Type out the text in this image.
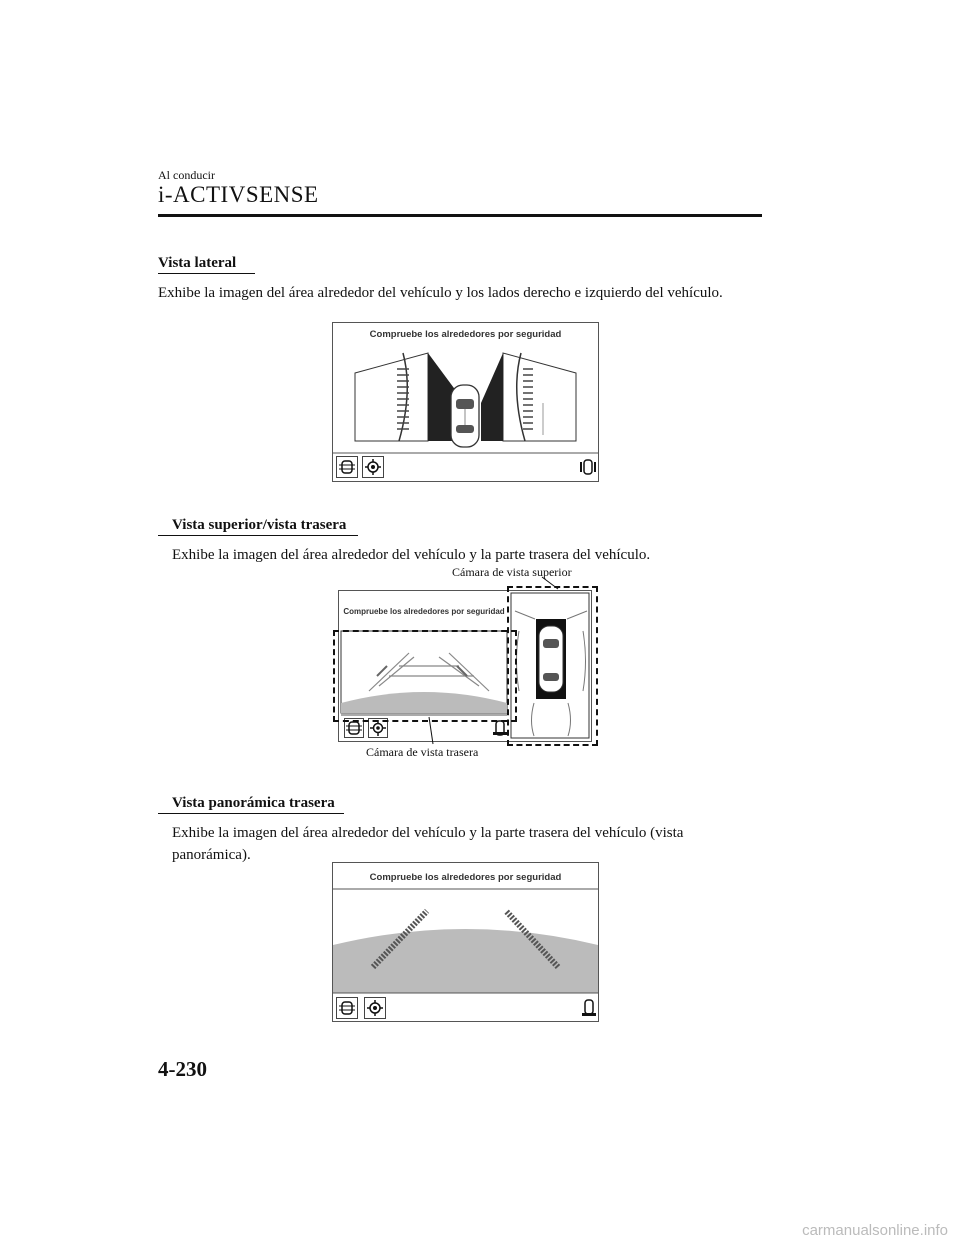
Al conducir
i-ACTIVSENSE
Vista lateral
Exhibe la imagen del área alrededor del vehículo y los lados derecho e izquierdo del vehículo.
Compruebe los alrededores por seguridad
Vista superior/vista trasera
Exhibe la imagen del área alrededor del vehículo y la parte trasera del vehículo.
Cámara de vista superior
Compruebe los alrededores por seguridad
Cámara de vista trasera
Vista panorámica trasera
Exhibe la imagen del área alrededor del vehículo y la parte trasera del vehículo (vista panorámica).
Compruebe los alrededores por seguridad
4-230
carmanualsonline.info
